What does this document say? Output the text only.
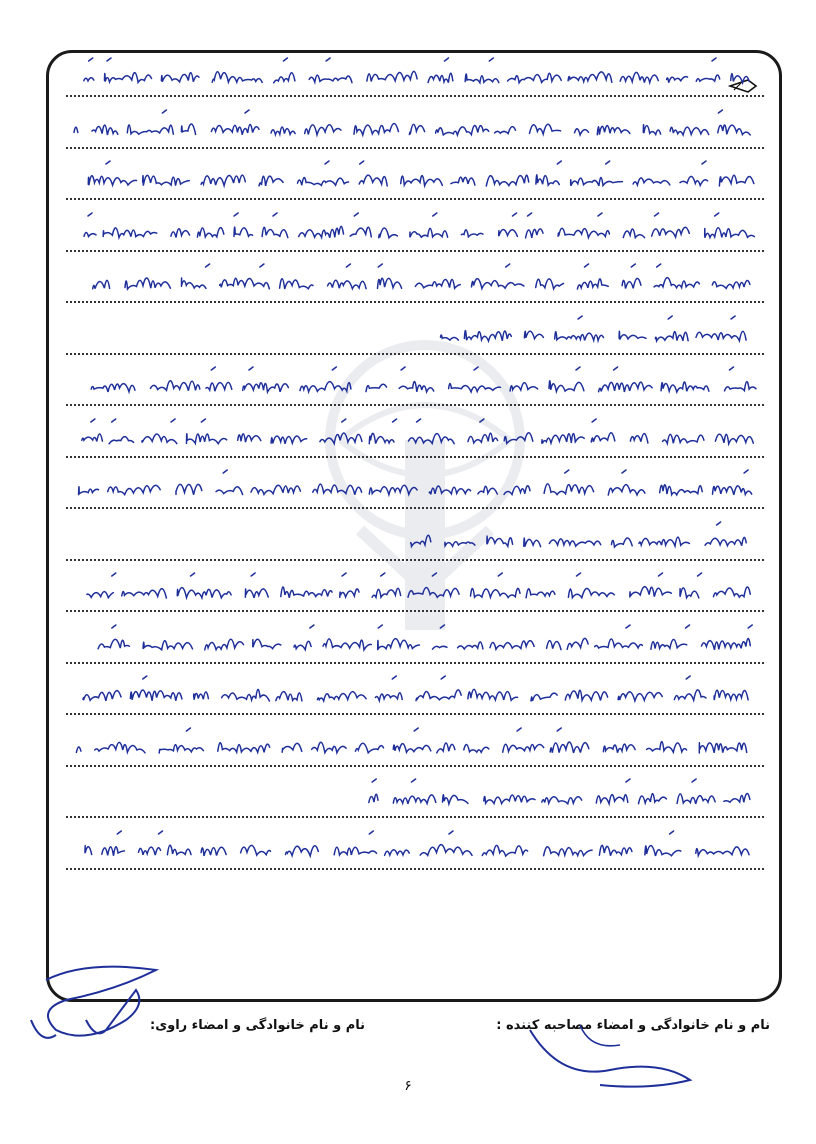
نام و نام خانوادگی و امضاء مصاحبه کننده :
نام و نام خانوادگی و امضاء راوی:
۶
